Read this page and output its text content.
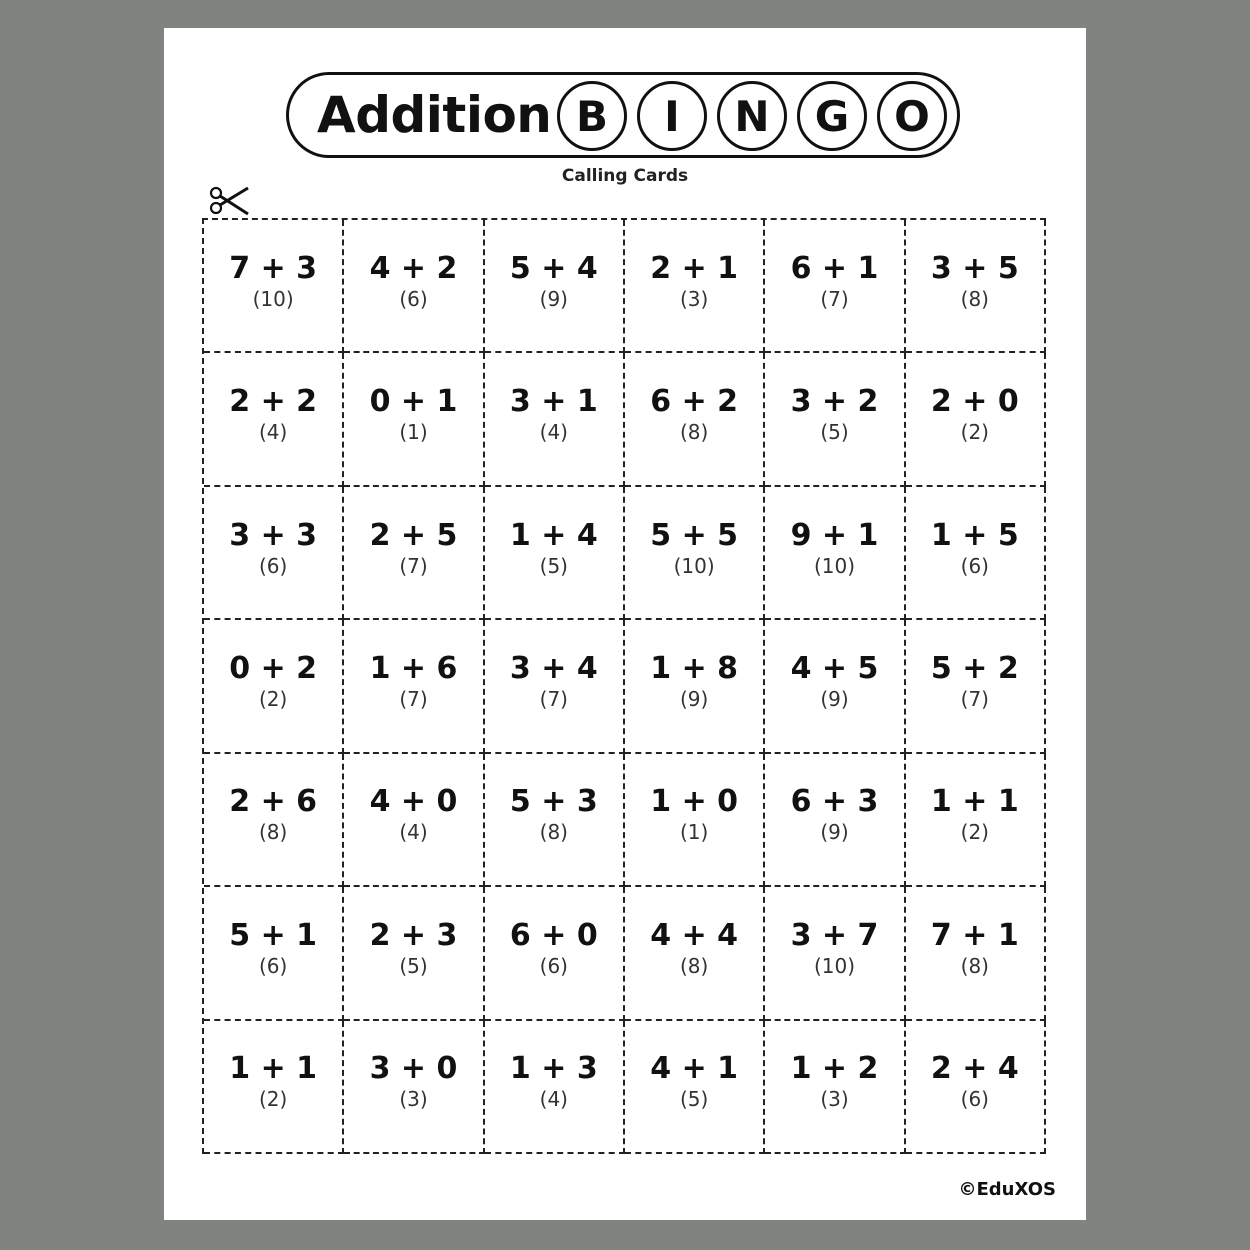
Addition B	I	N	G	O
Calling Cards
7 + 3
(10)
4 + 2
(6)
5 + 4
(9)
2 + 1
(3)
6 + 1
(7)
3 + 5
(8)
2 + 2
(4)
0 + 1
(1)
3 + 1
(4)
6 + 2
(8)
3 + 2
(5)
2 + 0
(2)
3 + 3
(6)
2 + 5
(7)
1 + 4
(5)
5 + 5
(10)
9 + 1
(10)
1 + 5
(6)
0 + 2
(2)
1 + 6
(7)
3 + 4
(7)
1 + 8
(9)
4 + 5
(9)
5 + 2
(7)
2 + 6
(8)
4 + 0
(4)
5 + 3
(8)
1 + 0
(1)
6 + 3
(9)
1 + 1
(2)
5 + 1
(6)
2 + 3
(5)
6 + 0
(6)
4 + 4
(8)
3 + 7
(10)
7 + 1
(8)
1 + 1
(2)
3 + 0
(3)
1 + 3
(4)
4 + 1
(5)
1 + 2
(3)
2 + 4
(6)
©EduXOS
